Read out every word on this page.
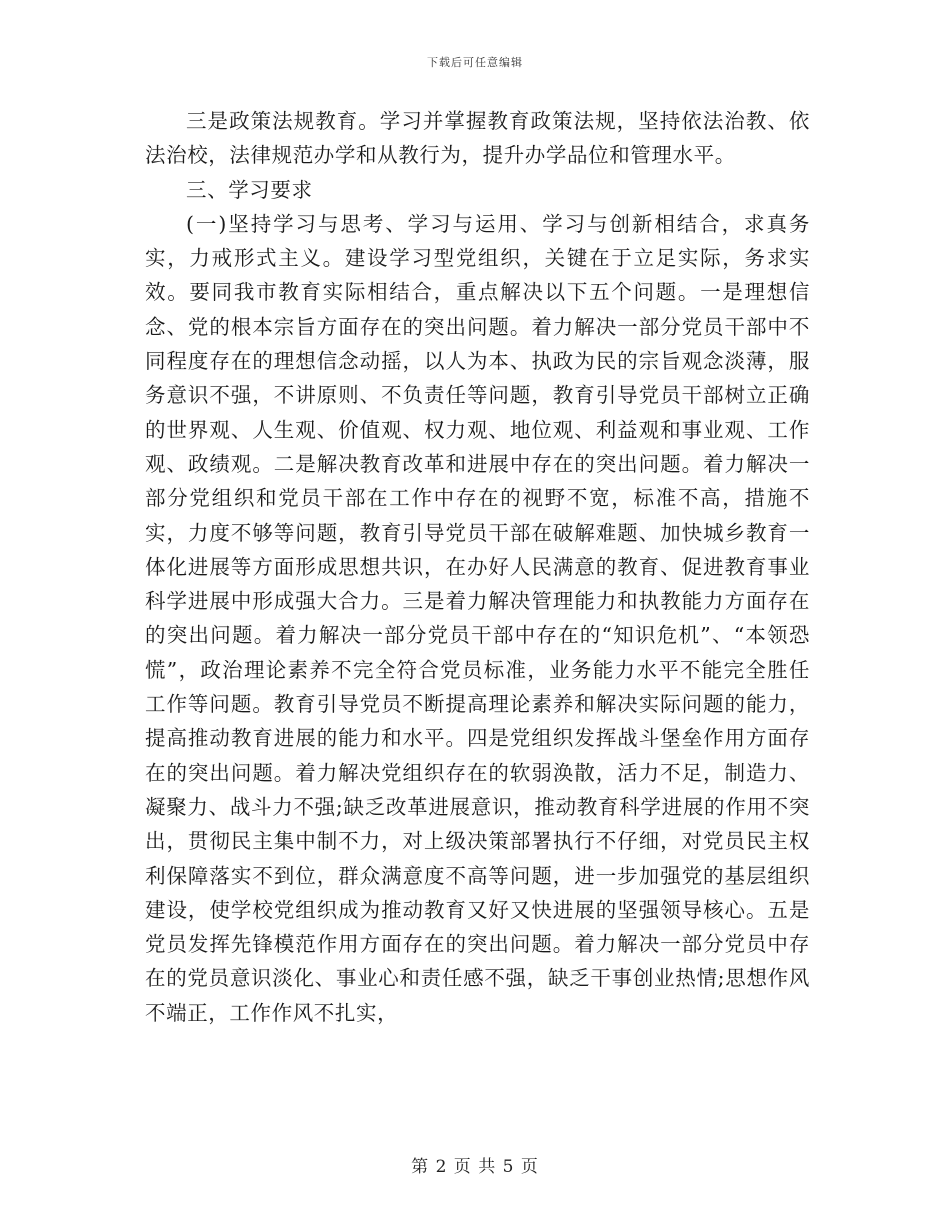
下载后可任意编辑

三是政策法规教育。学习并掌握教育政策法规，坚持依法治教、依法治校，法律规范办学和从教行为，提升办学品位和管理水平。

三、学习要求

(一)坚持学习与思考、学习与运用、学习与创新相结合，求真务实，力戒形式主义。建设学习型党组织，关键在于立足实际，务求实效。要同我市教育实际相结合，重点解决以下五个问题。一是理想信念、党的根本宗旨方面存在的突出问题。着力解决一部分党员干部中不同程度存在的理想信念动摇，以人为本、执政为民的宗旨观念淡薄，服务意识不强，不讲原则、不负责任等问题，教育引导党员干部树立正确的世界观、人生观、价值观、权力观、地位观、利益观和事业观、工作观、政绩观。二是解决教育改革和进展中存在的突出问题。着力解决一部分党组织和党员干部在工作中存在的视野不宽，标准不高，措施不实，力度不够等问题，教育引导党员干部在破解难题、加快城乡教育一体化进展等方面形成思想共识，在办好人民满意的教育、促进教育事业科学进展中形成强大合力。三是着力解决管理能力和执教能力方面存在的突出问题。着力解决一部分党员干部中存在的“知识危机”、“本领恐慌”，政治理论素养不完全符合党员标准，业务能力水平不能完全胜任工作等问题。教育引导党员不断提高理论素养和解决实际问题的能力，提高推动教育进展的能力和水平。四是党组织发挥战斗堡垒作用方面存在的突出问题。着力解决党组织存在的软弱涣散，活力不足，制造力、凝聚力、战斗力不强;缺乏改革进展意识，推动教育科学进展的作用不突出，贯彻民主集中制不力，对上级决策部署执行不仔细，对党员民主权利保障落实不到位，群众满意度不高等问题，进一步加强党的基层组织建设，使学校党组织成为推动教育又好又快进展的坚强领导核心。五是党员发挥先锋模范作用方面存在的突出问题。着力解决一部分党员中存在的党员意识淡化、事业心和责任感不强，缺乏干事创业热情;思想作风不端正，工作作风不扎实，

第 2 页 共 5 页
